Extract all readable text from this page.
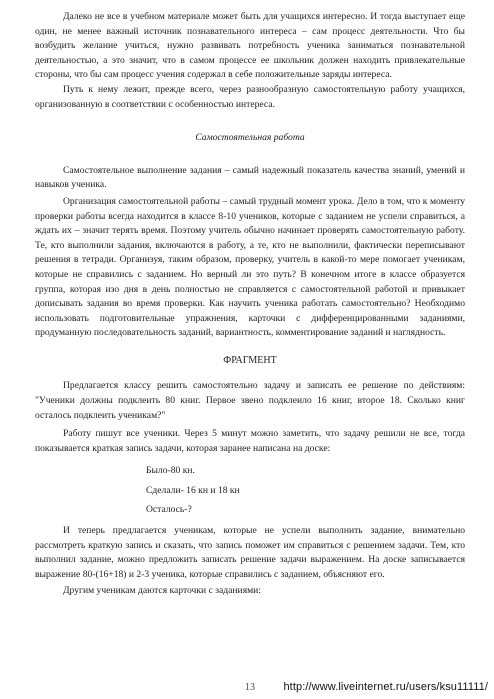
Далеко не все в учебном материале может быть для учащихся интересно. И тогда выступает еще один, не менее важный источник познавательного интереса – сам процесс деятельности. Что бы возбудить желание учиться, нужно развивать потребность ученика заниматься познавательной деятельностью, а это значит, что в самом процессе ее школьник должен находить привлекательные стороны, что бы сам процесс учения содержал в себе положительные заряды интереса.

Путь к нему лежит, прежде всего, через разнообразную самостоятельную работу учащихся, организованную в соответствии с особенностью интереса.

Самостоятельная работа

Самостоятельное выполнение задания – самый надежный показатель качества знаний, умений и навыков ученика.

Организация самостоятельной работы – самый трудный момент урока. Дело в том, что к моменту проверки работы всегда находится в классе 8-10 учеников, которые с заданием не успели справиться, а ждать их – значит терять время. Поэтому учитель обычно начинает проверять самостоятельную работу. Те, кто выполнили задания, включаются в работу, а те, кто не выполнили, фактически переписывают решения в тетради. Организуя, таким образом, проверку, учитель в какой-то мере помогает ученикам, которые не справились с заданием. Но верный ли это путь? В конечном итоге в классе образуется группа, которая изо дня в день полностью не справляется с самостоятельной работой и привыкает дописывать задания во время проверки. Как научить ученика работать самостоятельно? Необходимо использовать подготовительные упражнения, карточки с дифференцированными заданиями, продуманную последовательность заданий, вариантность, комментирование заданий и наглядность.

ФРАГМЕНТ

Предлагается классу решить самостоятельно задачу и записать ее решение по действиям: "Ученики должны подклеить 80 книг. Первое звено подклеило 16 книг, второе 18. Сколько книг осталось подклеить ученикам?"

Работу пишут все ученики. Через 5 минут можно заметить, что задачу решили не все, тогда показывается краткая запись задачи, которая заранее написана на доске:

Было-80 кн.
Сделали- 16 кн и 18 кн
Осталось-?

И теперь предлагается ученикам, которые не успели выполнить задание, внимательно рассмотреть краткую запись и сказать, что запись поможет им справиться с решением задачи. Тем, кто выполнил задание, можно предложить записать решение задачи выражением. На доске записывается выражение 80-(16+18) и 2-3 ученика, которые справились с заданием, объясняют его.

Другим ученикам даются карточки с заданиями:

13	http://www.liveinternet.ru/users/ksu11111/
